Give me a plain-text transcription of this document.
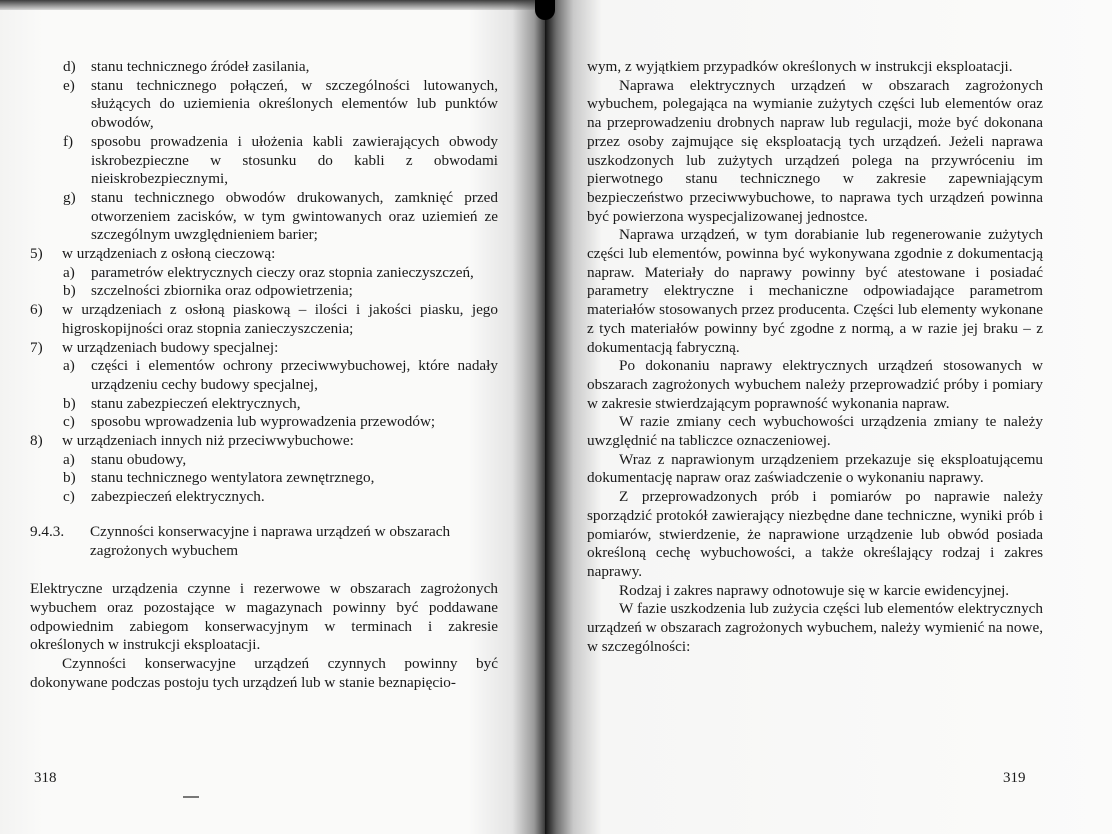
d)	stanu technicznego źródeł zasilania,
e)	stanu technicznego połączeń, w szczególności lutowanych, służących do uziemienia określonych elementów lub punktów obwodów,
f)	sposobu prowadzenia i ułożenia kabli zawierających obwody iskrobezpieczne w stosunku do kabli z obwodami nieiskrobezpiecznymi,
g)	stanu technicznego obwodów drukowanych, zamknięć przed otworzeniem zacisków, w tym gwintowanych oraz uziemień ze szczególnym uwzględnieniem barier;
5)	w urządzeniach z osłoną cieczową:
a)	parametrów elektrycznych cieczy oraz stopnia zanieczyszczeń,
b)	szczelności zbiornika oraz odpowietrzenia;
6)	w urządzeniach z osłoną piaskową – ilości i jakości piasku, jego higroskopijności oraz stopnia zanieczyszczenia;
7)	w urządzeniach budowy specjalnej:
a)	części i elementów ochrony przeciwwybuchowej, które nadały urządzeniu cechy budowy specjalnej,
b)	stanu zabezpieczeń elektrycznych,
c)	sposobu wprowadzenia lub wyprowadzenia przewodów;
8)	w urządzeniach innych niż przeciwwybuchowe:
a)	stanu obudowy,
b)	stanu technicznego wentylatora zewnętrznego,
c)	zabezpieczeń elektrycznych.
9.4.3.	Czynności konserwacyjne i naprawa urządzeń w obszarach zagrożonych wybuchem

Elektryczne urządzenia czynne i rezerwowe w obszarach zagrożonych wybuchem oraz pozostające w magazynach powinny być poddawane odpowiednim zabiegom konserwacyjnym w terminach i zakresie określonych w instrukcji eksploatacji.

Czynności konserwacyjne urządzeń czynnych powinny być dokonywane podczas postoju tych urządzeń lub w stanie beznapięcio-

318

wym, z wyjątkiem przypadków określonych w instrukcji eksploatacji.

Naprawa elektrycznych urządzeń w obszarach zagrożonych wybuchem, polegająca na wymianie zużytych części lub elementów oraz na przeprowadzeniu drobnych napraw lub regulacji, może być dokonana przez osoby zajmujące się eksploatacją tych urządzeń. Jeżeli naprawa uszkodzonych lub zużytych urządzeń polega na przywróceniu im pierwotnego stanu technicznego w zakresie zapewniającym bezpieczeństwo przeciwwybuchowe, to naprawa tych urządzeń powinna być powierzona wyspecjalizowanej jednostce.

Naprawa urządzeń, w tym dorabianie lub regenerowanie zużytych części lub elementów, powinna być wykonywana zgodnie z dokumentacją napraw. Materiały do naprawy powinny być atestowane i posiadać parametry elektryczne i mechaniczne odpowiadające parametrom materiałów stosowanych przez producenta. Części lub elementy wykonane z tych materiałów powinny być zgodne z normą, a w razie jej braku – z dokumentacją fabryczną.

Po dokonaniu naprawy elektrycznych urządzeń stosowanych w obszarach zagrożonych wybuchem należy przeprowadzić próby i pomiary w zakresie stwierdzającym poprawność wykonania naprаw.

W razie zmiany cech wybuchowości urządzenia zmiany te należy uwzględnić na tabliczce oznaczeniowej.

Wraz z naprawionym urządzeniem przekazuje się eksploatującemu dokumentację napraw oraz zaświadczenie o wykonaniu naprawy.

Z przeprowadzonych prób i pomiarów po naprawie należy sporządzić protokół zawierający niezbędne dane techniczne, wyniki prób i pomiarów, stwierdzenie, że naprawione urządzenie lub obwód posiada określoną cechę wybuchowości, a także określający rodzaj i zakres naprawy.

Rodzaj i zakres naprawy odnotowuje się w karcie ewidencyjnej.

W fazie uszkodzenia lub zużycia części lub elementów elektrycznych urządzeń w obszarach zagrożonych wybuchem, należy wymienić na nowe, w szczególności:

319
